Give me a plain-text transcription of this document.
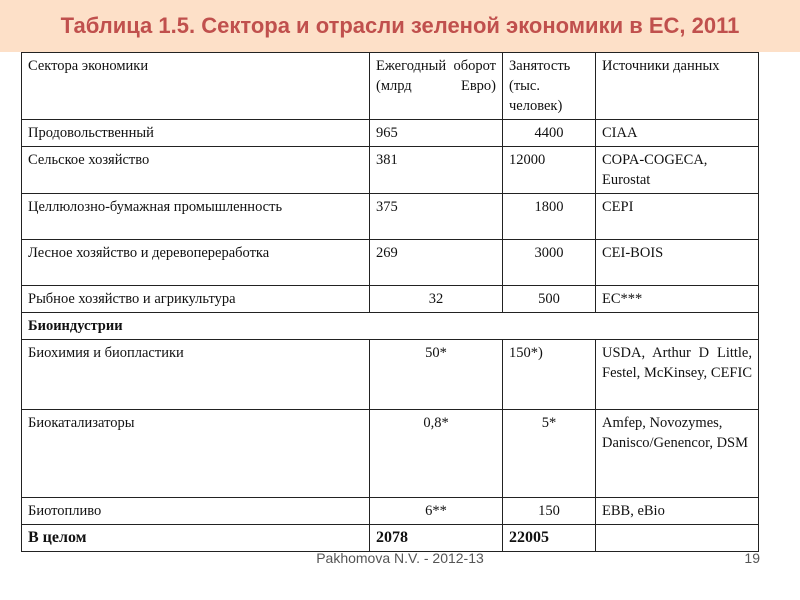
Таблица 1.5. Сектора и отрасли зеленой экономики в ЕС, 2011
Сектора экономики	Ежегодный оборот (млрд Евро)	Занятость (тыс. человек)	Источники данных
Продовольственный	965	4400	CIAA
Сельское хозяйство	381	12000	COPA-COGECA, Eurostat
Целлюлозно-бумажная промышленность	375	1800	CEPI
Лесное хозяйство и деревопереработка	269	3000	CEI-BOIS
Рыбное хозяйство и агрикультура	32	500	EC***
Биоиндустрии			
Биохимия и биопластики	50*	150*)	USDA, Arthur D Little, Festel, McKinsey, CEFIC
Биокатализаторы	0,8*	5*	Amfep, Novozymes, Danisco/Genencor, DSM
Биотопливо	6**	150	EBB, eBio
В целом	2078	22005	
Pakhomova N.V. - 2012-13	19
